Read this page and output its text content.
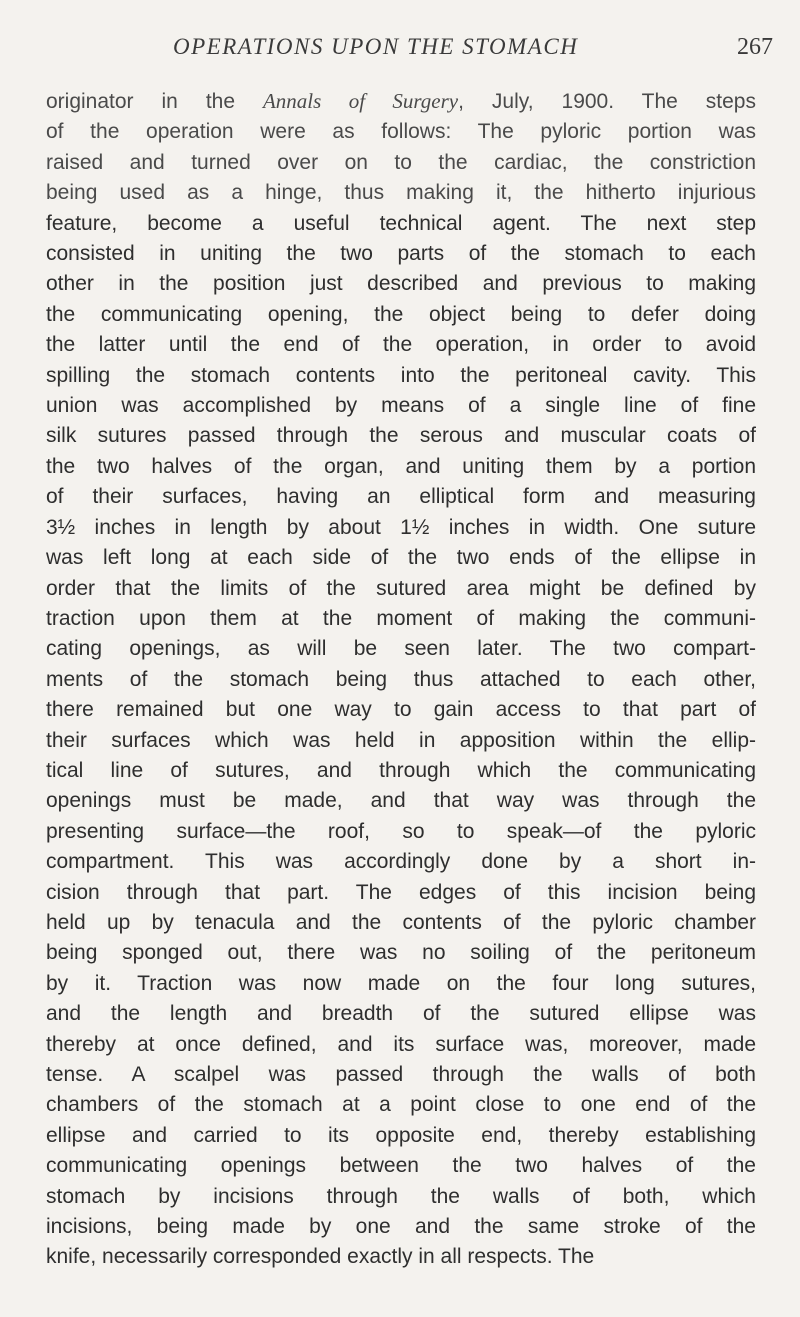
OPERATIONS UPON THE STOMACH	267
originator in the Annals of Surgery, July, 1900. The steps
of the operation were as follows: The pyloric portion was
raised and turned over on to the cardiac, the constriction
being used as a hinge, thus making it, the hitherto injurious
feature, become a useful technical agent. The next step
consisted in uniting the two parts of the stomach to each
other in the position just described and previous to making
the communicating opening, the object being to defer doing
the latter until the end of the operation, in order to avoid
spilling the stomach contents into the peritoneal cavity. This
union was accomplished by means of a single line of fine
silk sutures passed through the serous and muscular coats of
the two halves of the organ, and uniting them by a portion
of their surfaces, having an elliptical form and measuring
3½ inches in length by about 1½ inches in width. One suture
was left long at each side of the two ends of the ellipse in
order that the limits of the sutured area might be defined by
traction upon them at the moment of making the communi-
cating openings, as will be seen later. The two compart-
ments of the stomach being thus attached to each other,
there remained but one way to gain access to that part of
their surfaces which was held in apposition within the ellip-
tical line of sutures, and through which the communicating
openings must be made, and that way was through the
presenting surface—the roof, so to speak—of the pyloric
compartment. This was accordingly done by a short in-
cision through that part. The edges of this incision being
held up by tenacula and the contents of the pyloric chamber
being sponged out, there was no soiling of the peritoneum
by it. Traction was now made on the four long sutures,
and the length and breadth of the sutured ellipse was
thereby at once defined, and its surface was, moreover, made
tense. A scalpel was passed through the walls of both
chambers of the stomach at a point close to one end of the
ellipse and carried to its opposite end, thereby establishing
communicating openings between the two halves of the
stomach by incisions through the walls of both, which
incisions, being made by one and the same stroke of the
knife, necessarily corresponded exactly in all respects. The
